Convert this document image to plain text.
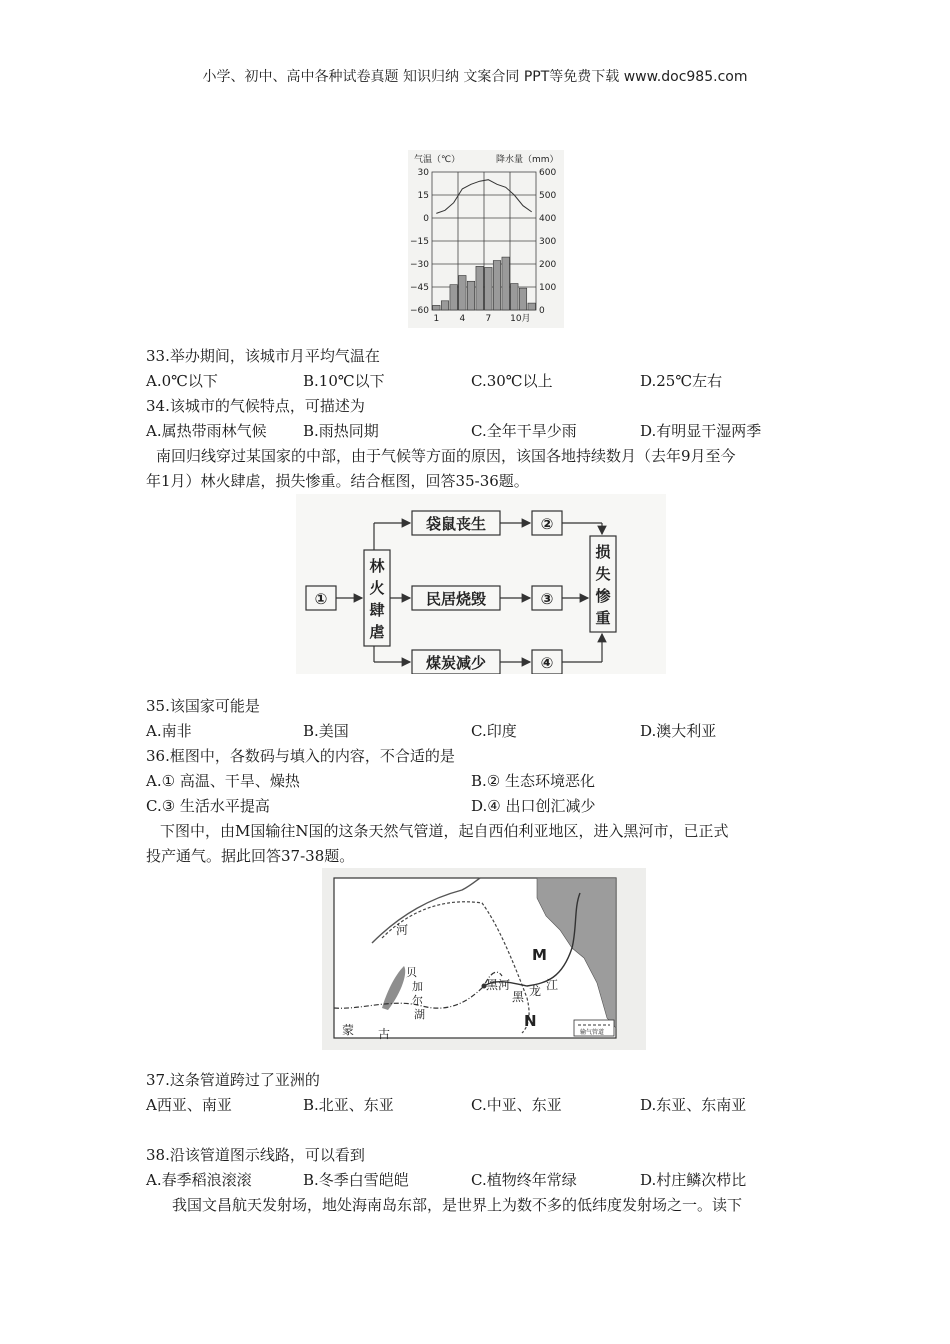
小学、初中、高中各种试卷真题 知识归纳 文案合同 PPT等免费下载 www.doc985.com
气温（℃）	降水量（mm）
30
15
0
−15
−30
−45
−60
600
500
400
300
200
100
0
1 4 7 10月
33.举办期间，该城市月平均气温在
A.0℃以下	B.10℃以下	C.30℃以上	D.25℃左右
34.该城市的气候特点，可描述为
A.属热带雨林气候 B.雨热同期	C.全年干旱少雨	D.有明显干湿两季
南回归线穿过某国家的中部，由于气候等方面的原因，该国各地持续数月（去年9月至今
年1月）林火肆虐，损失惨重。结合框图，回答35-36题。
①
林
火
肆
虐
袋鼠丧生
民居烧毁
煤炭减少
②
③
④
损
失
惨
重
35.该国家可能是
A.南非	B.美国	C.印度	D.澳大利亚
36.框图中，各数码与填入的内容，不合适的是
A.① 高温、干旱、燥热	B.② 生态环境恶化
C.③ 生活水平提高	D.④ 出口创汇减少
下图中，由M国输往N国的这条天然气管道，起自西伯利亚地区，进入黑河市，已正式
投产通气。据此回答37-38题。
M
N
黑河
黑 龙 江
贝
加
尔
湖
蒙 古
河
输气管道
37.这条管道跨过了亚洲的
A西亚、南亚	B.北亚、东亚	C.中亚、东亚	D.东亚、东南亚
38.沿该管道图示线路，可以看到
A.春季稻浪滚滚	B.冬季白雪皑皑	C.植物终年常绿	D.村庄鳞次栉比
我国文昌航天发射场，地处海南岛东部，是世界上为数不多的低纬度发射场之一。读下
